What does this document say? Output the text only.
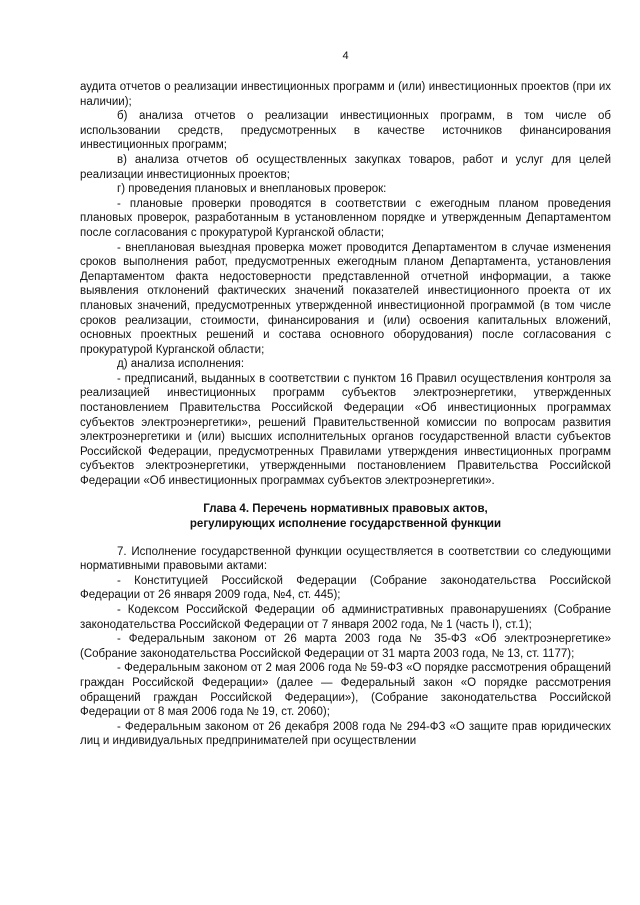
4

аудита отчетов о реализации инвестиционных программ и (или) инвестиционных проектов (при их наличии);

б) анализа отчетов о реализации инвестиционных программ, в том числе об использовании средств, предусмотренных в качестве источников финансирования инвестиционных программ;

в) анализа отчетов об осуществленных закупках товаров, работ и услуг для целей реализации инвестиционных проектов;

г) проведения плановых и внеплановых проверок:

- плановые проверки проводятся в соответствии с ежегодным планом проведения плановых проверок, разработанным в установленном порядке и утвержденным Департаментом после согласования с прокуратурой Курганской области;

- внеплановая выездная проверка может проводится Департаментом в случае изменения сроков выполнения работ, предусмотренных ежегодным планом Департамента, установления Департаментом факта недостоверности представленной отчетной информации, а также выявления отклонений фактических значений показателей инвестиционного проекта от их плановых значений, предусмотренных утвержденной инвестиционной программой (в том числе сроков реализации, стоимости, финансирования и (или) освоения капитальных вложений, основных проектных решений и состава основного оборудования) после согласования с прокуратурой Курганской области;

д) анализа исполнения:

- предписаний, выданных в соответствии с пунктом 16 Правил осуществления контроля за реализацией инвестиционных программ субъектов электроэнергетики, утвержденных постановлением Правительства Российской Федерации «Об инвестиционных программах субъектов электроэнергетики», решений Правительственной комиссии по вопросам развития электроэнергетики и (или) высших исполнительных органов государственной власти субъектов Российской Федерации, предусмотренных Правилами утверждения инвестиционных программ субъектов электроэнергетики, утвержденными постановлением Правительства Российской Федерации «Об инвестиционных программах субъектов электроэнергетики».

Глава 4. Перечень нормативных правовых актов,
регулирующих исполнение государственной функции

7. Исполнение государственной функции осуществляется в соответствии со следующими нормативными правовыми актами:

- Конституцией Российской Федерации (Собрание законодательства Российской Федерации от 26 января 2009 года, №4, ст. 445);

- Кодексом Российской Федерации об административных правонарушениях (Собрание законодательства Российской Федерации от 7 января 2002 года, № 1 (часть I), ст.1);

- Федеральным законом от 26 марта 2003 года № 35-ФЗ «Об электроэнергетике» (Собрание законодательства Российской Федерации от 31 марта 2003 года, № 13, ст. 1177);

- Федеральным законом от 2 мая 2006 года № 59-ФЗ «О порядке рассмотрения обращений граждан Российской Федерации» (далее — Федеральный закон «О порядке рассмотрения обращений граждан Российской Федерации»), (Собрание законодательства Российской Федерации от 8 мая 2006 года № 19, ст. 2060);

- Федеральным законом от 26 декабря 2008 года № 294-ФЗ «О защите прав юридических лиц и индивидуальных предпринимателей при осуществлении
